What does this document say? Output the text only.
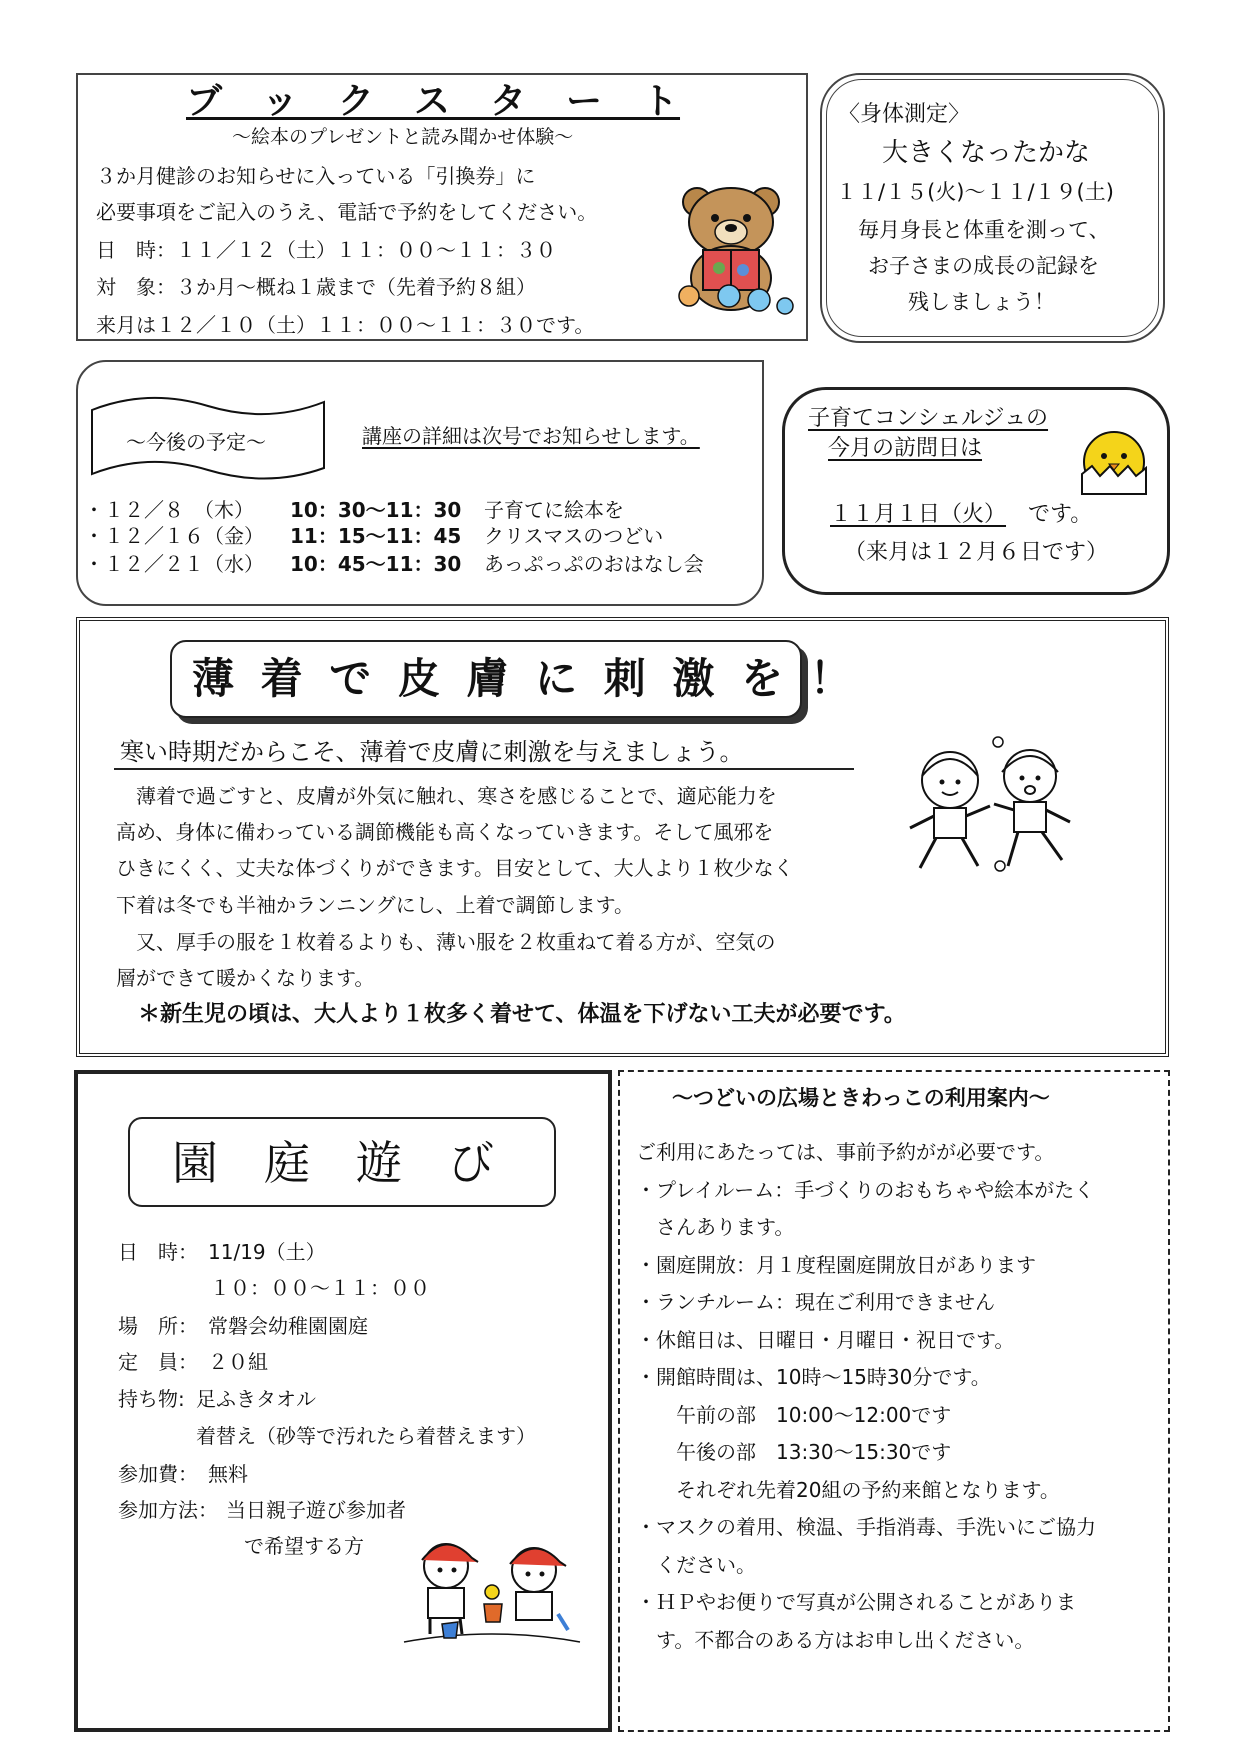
ブ　ッ　ク　ス　タ　ー　ト
～絵本のプレゼントと読み聞かせ体験～
３か月健診のお知らせに入っている「引換券」に
必要事項をご記入のうえ、電話で予約をしてください。
日　時：１１／１２（土）１１：００～１１：３０
対　象：３か月～概ね１歳まで（先着予約８組）
来月は１２／１０（土）１１：００～１１：３０です。
〈身体測定〉
大きくなったかな
１１/１５(火)～１１/１９(土)
毎月身長と体重を測って、
お子さまの成長の記録を
残しましょう！
～今後の予定～	講座の詳細は次号でお知らせします。
・１２／８　（木） 10：30～11：30 子育てに絵本を
・１２／１６（金） 11：15～11：45 クリスマスのつどい
・１２／２１（水） 10：45～11：30 あっぷっぷのおはなし会
子育てコンシェルジュの
今月の訪問日は
１１月１日（火） です。
（来月は１２月６日です）
薄 着 で 皮 膚 に 刺 激 を ！
寒い時期だからこそ、薄着で皮膚に刺激を与えましょう。
　薄着で過ごすと、皮膚が外気に触れ、寒さを感じることで、適応能力を
高め、身体に備わっている調節機能も高くなっていきます。そして風邪を
ひきにくく、丈夫な体づくりができます。目安として、大人より１枚少なく
下着は冬でも半袖かランニングにし、上着で調節します。
　又、厚手の服を１枚着るよりも、薄い服を２枚重ねて着る方が、空気の
層ができて暖かくなります。
＊新生児の頃は、大人より１枚多く着せて、体温を下げない工夫が必要です。
園　庭　遊　び
日　時： 11/19（土）
１０：００～１１：００
場　所： 常磐会幼稚園園庭
定　員： ２０組
持ち物: 足ふきタオル
着替え（砂等で汚れたら着替えます）
参加費： 無料
参加方法： 当日親子遊び参加者
で希望する方
～つどいの広場ときわっこの利用案内～
ご利用にあたっては、事前予約がが必要です。
・プレイルーム：手づくりのおもちゃや絵本がたく
　さんあります。
・園庭開放：月１度程園庭開放日があります
・ランチルーム：現在ご利用できません
・休館日は、日曜日・月曜日・祝日です。
・開館時間は、10時～15時30分です。
　　午前の部　10:00～12:00です
　　午後の部　13:30～15:30です
　　それぞれ先着20組の予約来館となります。
・マスクの着用、検温、手指消毒、手洗いにご協力
　ください。
・ＨＰやお便りで写真が公開されることがありま
　す。不都合のある方はお申し出ください。
